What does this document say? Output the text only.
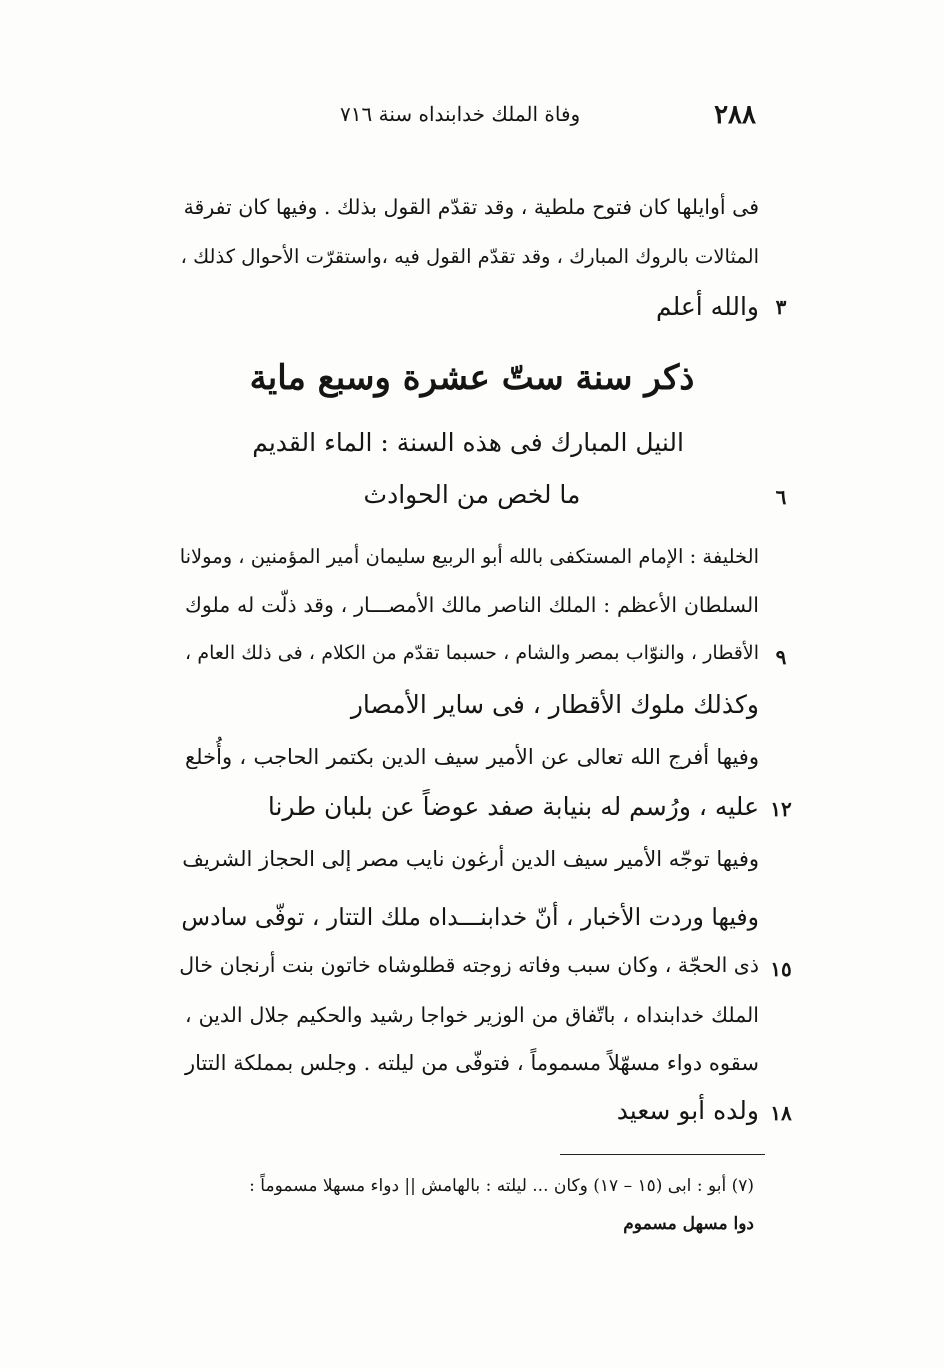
٢٨٨
وفاة الملك خدابنداه سنة ٧١٦
فى أوايلها كان فتوح ملطية ، وقد تقدّم القول بذلك . وفيها كان تفرقة
المثالات بالروك المبارك ، وقد تقدّم القول فيه ،واستقرّت الأحوال كذلك ،
والله أعلم ٣
ذكر سنة ستّ عشرة وسبع ماية
النيل المبارك فى هذه السنة : الماء القديم
ما لخص من الحوادث	٦
الخليفة : الإمام المستكفى بالله أبو الربيع سليمان أمير المؤمنين ، ومولانا
السلطان الأعظم : الملك الناصر مالك الأمصـــار ، وقد ذلّت له ملوك
الأقطار ، والنوّاب بمصر والشام ، حسبما تقدّم من الكلام ، فى ذلك العام ، ٩
وكذلك ملوك الأقطار ، فى ساير الأمصار
وفيها أفرج الله تعالى عن الأمير سيف الدين بكتمر الحاجب ، وأُخلع
عليه ، ورُسم له بنيابة صفد عوضاً عن بلبان طرنا ١٢
وفيها توجّه الأمير سيف الدين أرغون نايب مصر إلى الحجاز الشريف
وفيها وردت الأخبار ، أنّ خدابنـــداه ملك التتار ، توفّى سادس
ذى الحجّة ، وكان سبب وفاته زوجته قطلوشاه خاتون بنت أرنجان خال ١٥
الملك خدابنداه ، باتّفاق من الوزير خواجا رشيد والحكيم جلال الدين ،
سقوه دواء مسهّلاً مسموماً ، فتوفّى من ليلته . وجلس بمملكة التتار
ولده أبو سعيد ١٨
(٧) أبو : ابى (١٥ – ١٧) وكان ... ليلته : بالهامش || دواء مسهلا مسموماً :
دوا مسهل مسموم
